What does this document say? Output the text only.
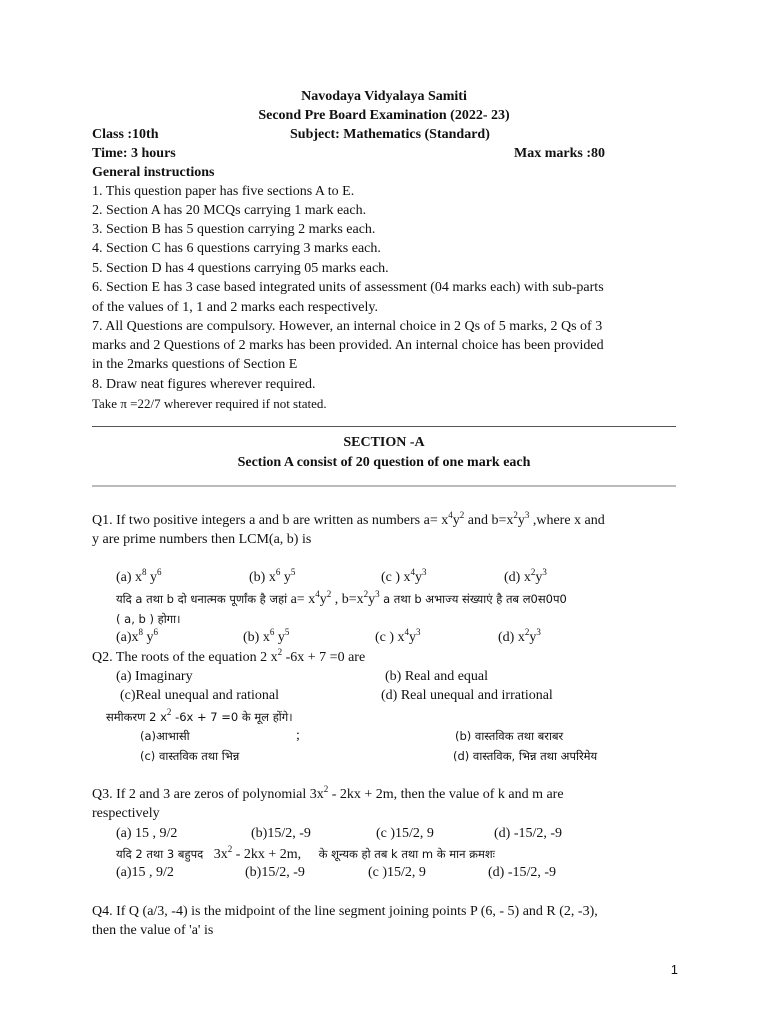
Navodaya Vidyalaya Samiti
Second Pre Board Examination (2022- 23)
Class :10th	Subject: Mathematics (Standard)
Time: 3 hours	Max marks :80
General instructions
1. This question paper has five sections A to E.
2. Section A has 20 MCQs carrying 1 mark each.
3. Section B has 5 question carrying 2 marks each.
4. Section C has 6 questions carrying 3 marks each.
5. Section D has 4 questions carrying 05 marks each.
6. Section E has 3 case based integrated units of assessment (04 marks each) with sub-parts
of the values of 1, 1 and 2 marks each respectively.
7. All Questions are compulsory. However, an internal choice in 2 Qs of 5 marks, 2 Qs of 3
marks and 2 Questions of 2 marks has been provided. An internal choice has been provided
in the 2marks questions of Section E
8. Draw neat figures wherever required.
Take π =22/7 wherever required if not stated.
SECTION -A
Section A consist of 20 question of one mark each
Q1. If two positive integers a and b are written as numbers $a= x^4y^2$ and $b=x^2y^3$ ,where x and
y are prime numbers then LCM(a, b) is
(a) $x^8$ $y^6$	(b) $x^6$ $y^5$	(c ) $x^4y^3$	(d) $x^2y^3$
यदि a तथा b दो धनात्मक पूर्णांक है जहां $a= x^4y^2$ , $b=x^2y^3$ a तथा b अभाज्य संख्याएं है तब ल0स0प0
( a, b ) होगा।
$(a)x^8$ $y^6$	(b) $x^6$ $y^5$	(c ) $x^4y^3$	(d) $x^2y^3$
Q2. The roots of the equation 2 $x^2$ -6x + 7 =0 are
(a) Imaginary	(b) Real and equal
(c)Real unequal and rational	(d) Real unequal and irrational
समीकरण 2 $x^2$ -6x + 7 =0 के मूल होंगे।
(a)आभासी	;	(b) वास्तविक तथा बराबर
(c) वास्तविक तथा भिन्न	(d) वास्तविक, भिन्न तथा अपरिमेय
Q3. If 2 and 3 are zeros of polynomial $3x^2 - 2kx + 2m$, then the value of k and m are
respectively
(a) 15 , 9/2	(b)15/2, -9	(c )15/2, 9	(d) -15/2, -9
यदि 2 तथा 3 बहुपद $3x^2 - 2kx + 2m$, के शून्यक हो तब k तथा m के मान क्रमशः
(a)15 , 9/2	(b)15/2, -9	(c )15/2, 9	(d) -15/2, -9
Q4. If Q (a/3, -4) is the midpoint of the line segment joining points P (6, - 5) and R (2, -3),
then the value of 'a' is
1
